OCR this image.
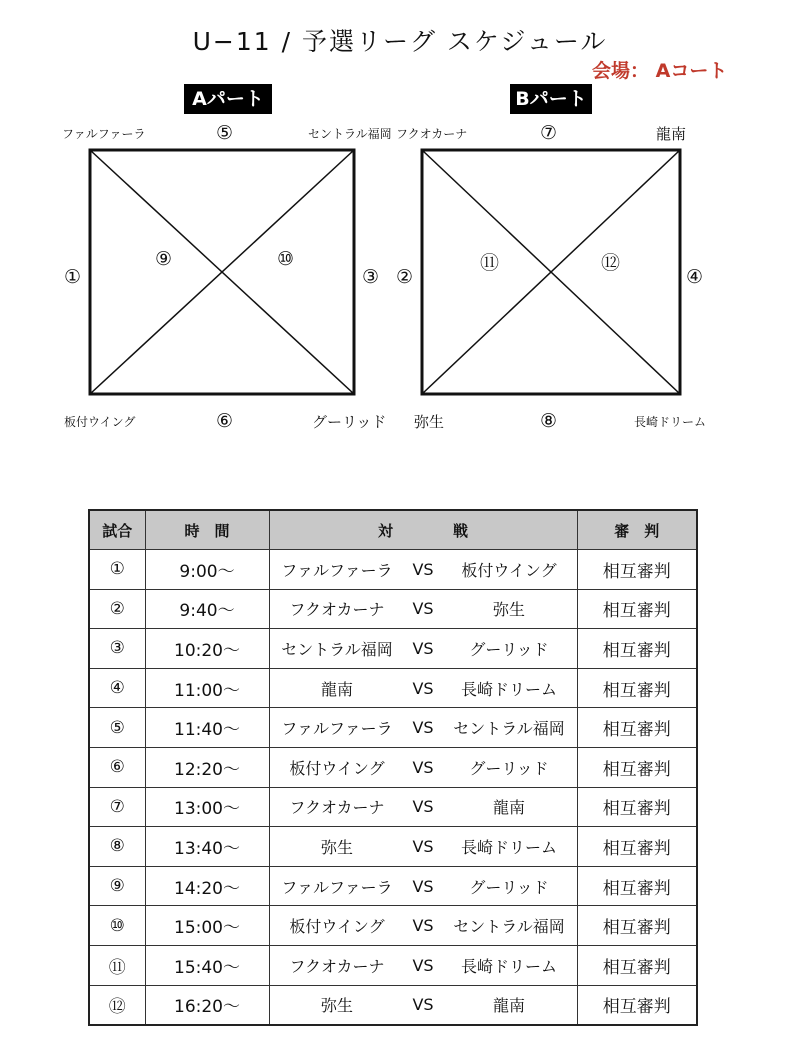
U−11 / 予選リーグ スケジュール
会場： Aコート
Aパート
ファルファーラ	セントラル福岡
板付ウイング	グーリッド
⑤
⑥
①	③
⑨	⑩
Bパート
フクオカーナ	龍南
弥生	長崎ドリーム
⑦
⑧
②	④
⑪	⑫
試合	時　間	対　　　　戦	審　判
①	9:00〜	ファルファーラ VS 板付ウイング	相互審判
②	9:40〜	フクオカーナ VS 弥生	相互審判
③	10:20〜	セントラル福岡 VS グーリッド	相互審判
④	11:00〜	龍南 VS 長崎ドリーム	相互審判
⑤	11:40〜	ファルファーラ VS セントラル福岡	相互審判
⑥	12:20〜	板付ウイング VS グーリッド	相互審判
⑦	13:00〜	フクオカーナ VS 龍南	相互審判
⑧	13:40〜	弥生 VS 長崎ドリーム	相互審判
⑨	14:20〜	ファルファーラ VS グーリッド	相互審判
⑩	15:00〜	板付ウイング VS セントラル福岡	相互審判
⑪	15:40〜	フクオカーナ VS 長崎ドリーム	相互審判
⑫	16:20〜	弥生 VS 龍南	相互審判
